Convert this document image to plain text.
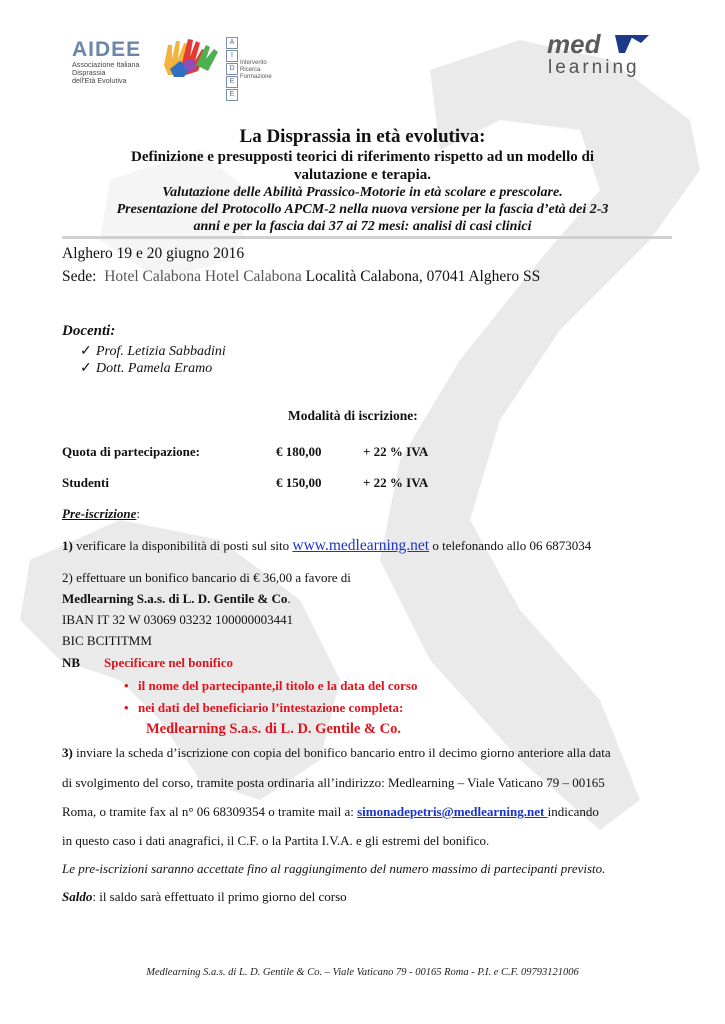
AIDEE
Associazione Italiana
Disprassia
dell'Età Evolutiva
A
I
D
E
E
Intervento
Ricerca
Formazione
med
learning
La Disprassia in età evolutiva:
Definizione e presupposti teorici di riferimento rispetto ad un modello di
valutazione e terapia.
Valutazione delle Abilità Prassico-Motorie in età scolare e prescolare.
Presentazione del Protocollo APCM-2 nella nuova versione per la fascia d’età dei 2-3
anni e per la fascia dai 37 ai 72 mesi: analisi di casi clinici
Alghero 19 e 20 giugno 2016
Sede: Hotel Calabona Hotel Calabona Località Calabona, 07041 Alghero SS
Docenti:
✓ Prof. Letizia Sabbadini
✓ Dott. Pamela Eramo
Modalità di iscrizione:
Quota di partecipazione:	€ 180,00	+ 22 % IVA
Studenti	€ 150,00	+ 22 % IVA
Pre-iscrizione:
1) verificare la disponibilità di posti sul sito www.medlearning.net o telefonando allo 06 6873034
2) effettuare un bonifico bancario di € 36,00 a favore di
Medlearning S.a.s. di L. D. Gentile & Co.
IBAN IT 32 W 03069 03232 100000003441
BIC BCITITMM
NB Specificare nel bonifico
• il nome del partecipante,il titolo e la data del corso
• nei dati del beneficiario l’intestazione completa:
Medlearning S.a.s. di L. D. Gentile & Co.
3) inviare la scheda d’iscrizione con copia del bonifico bancario entro il decimo giorno anteriore alla data
di svolgimento del corso, tramite posta ordinaria all’indirizzo: Medlearning – Viale Vaticano 79 – 00165
Roma, o tramite fax al n° 06 68309354 o tramite mail a: simonadepetris@medlearning.net indicando
in questo caso i dati anagrafici, il C.F. o la Partita I.V.A. e gli estremi del bonifico.
Le pre-iscrizioni saranno accettate fino al raggiungimento del numero massimo di partecipanti previsto.
Saldo: il saldo sarà effettuato il primo giorno del corso
Medlearning S.a.s. di L. D. Gentile & Co. – Viale Vaticano 79 - 00165 Roma - P.I. e C.F. 09793121006
